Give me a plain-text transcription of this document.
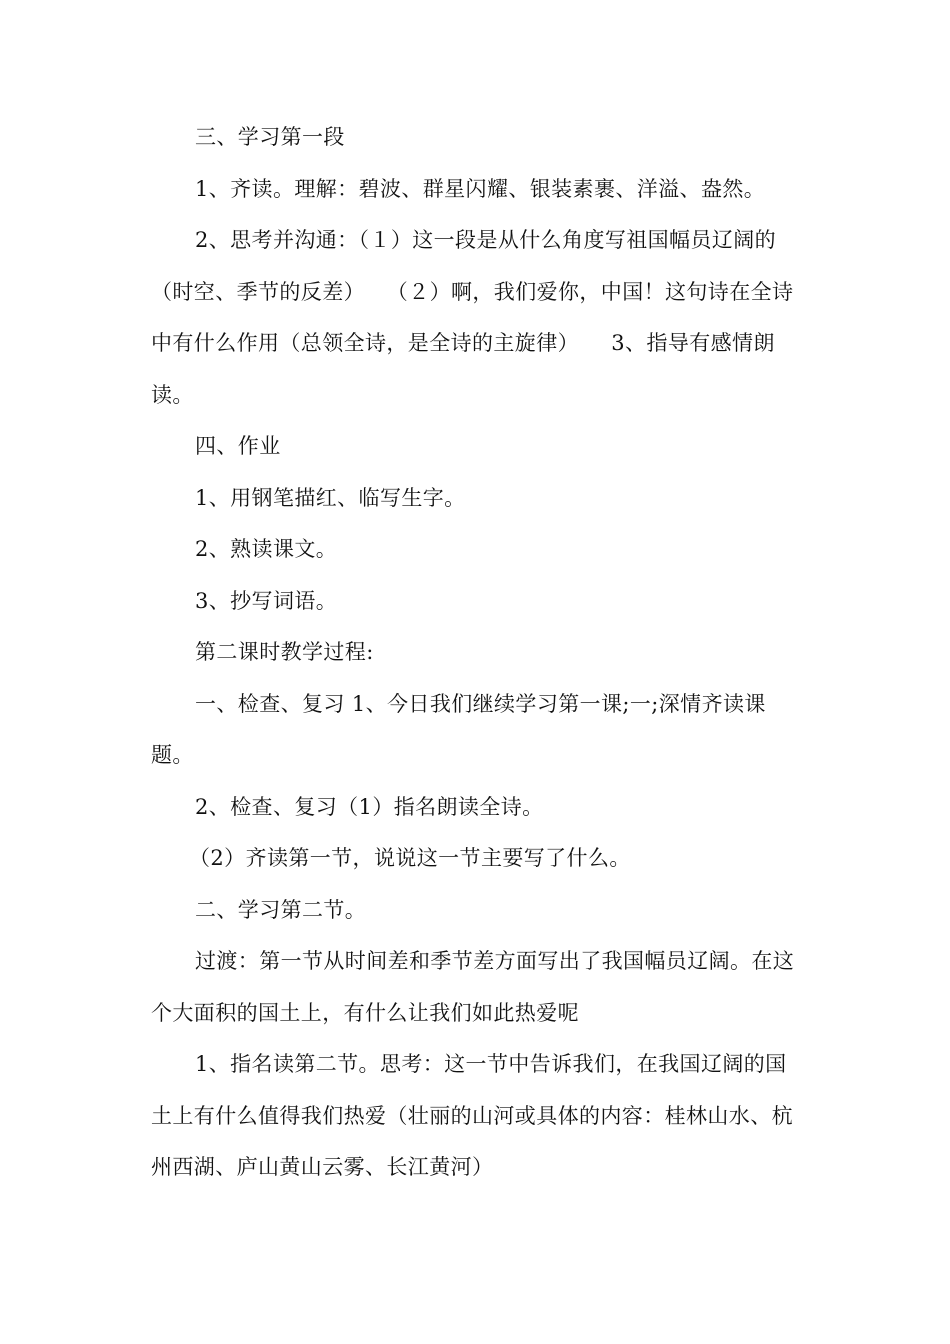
三、学习第一段

1、齐读。理解：碧波、群星闪耀、银装素裹、洋溢、盎然。

2、思考并沟通：（１）这一段是从什么角度写祖国幅员辽阔的（时空、季节的反差）　　（２）啊，我们爱你，中国！这句诗在全诗中有什么作用（总领全诗，是全诗的主旋律）　　3、指导有感情朗读。

四、作业

1、用钢笔描红、临写生字。

2、熟读课文。

3、抄写词语。

第二课时教学过程:

一、检查、复习 1、今日我们继续学习第一课;一;深情齐读课题。

2、检查、复习（1）指名朗读全诗。

（2）齐读第一节，说说这一节主要写了什么。

二、学习第二节。

过渡：第一节从时间差和季节差方面写出了我国幅员辽阔。在这个大面积的国土上，有什么让我们如此热爱呢

1、指名读第二节。思考：这一节中告诉我们，在我国辽阔的国土上有什么值得我们热爱（壮丽的山河或具体的内容：桂林山水、杭州西湖、庐山黄山云雾、长江黄河）
